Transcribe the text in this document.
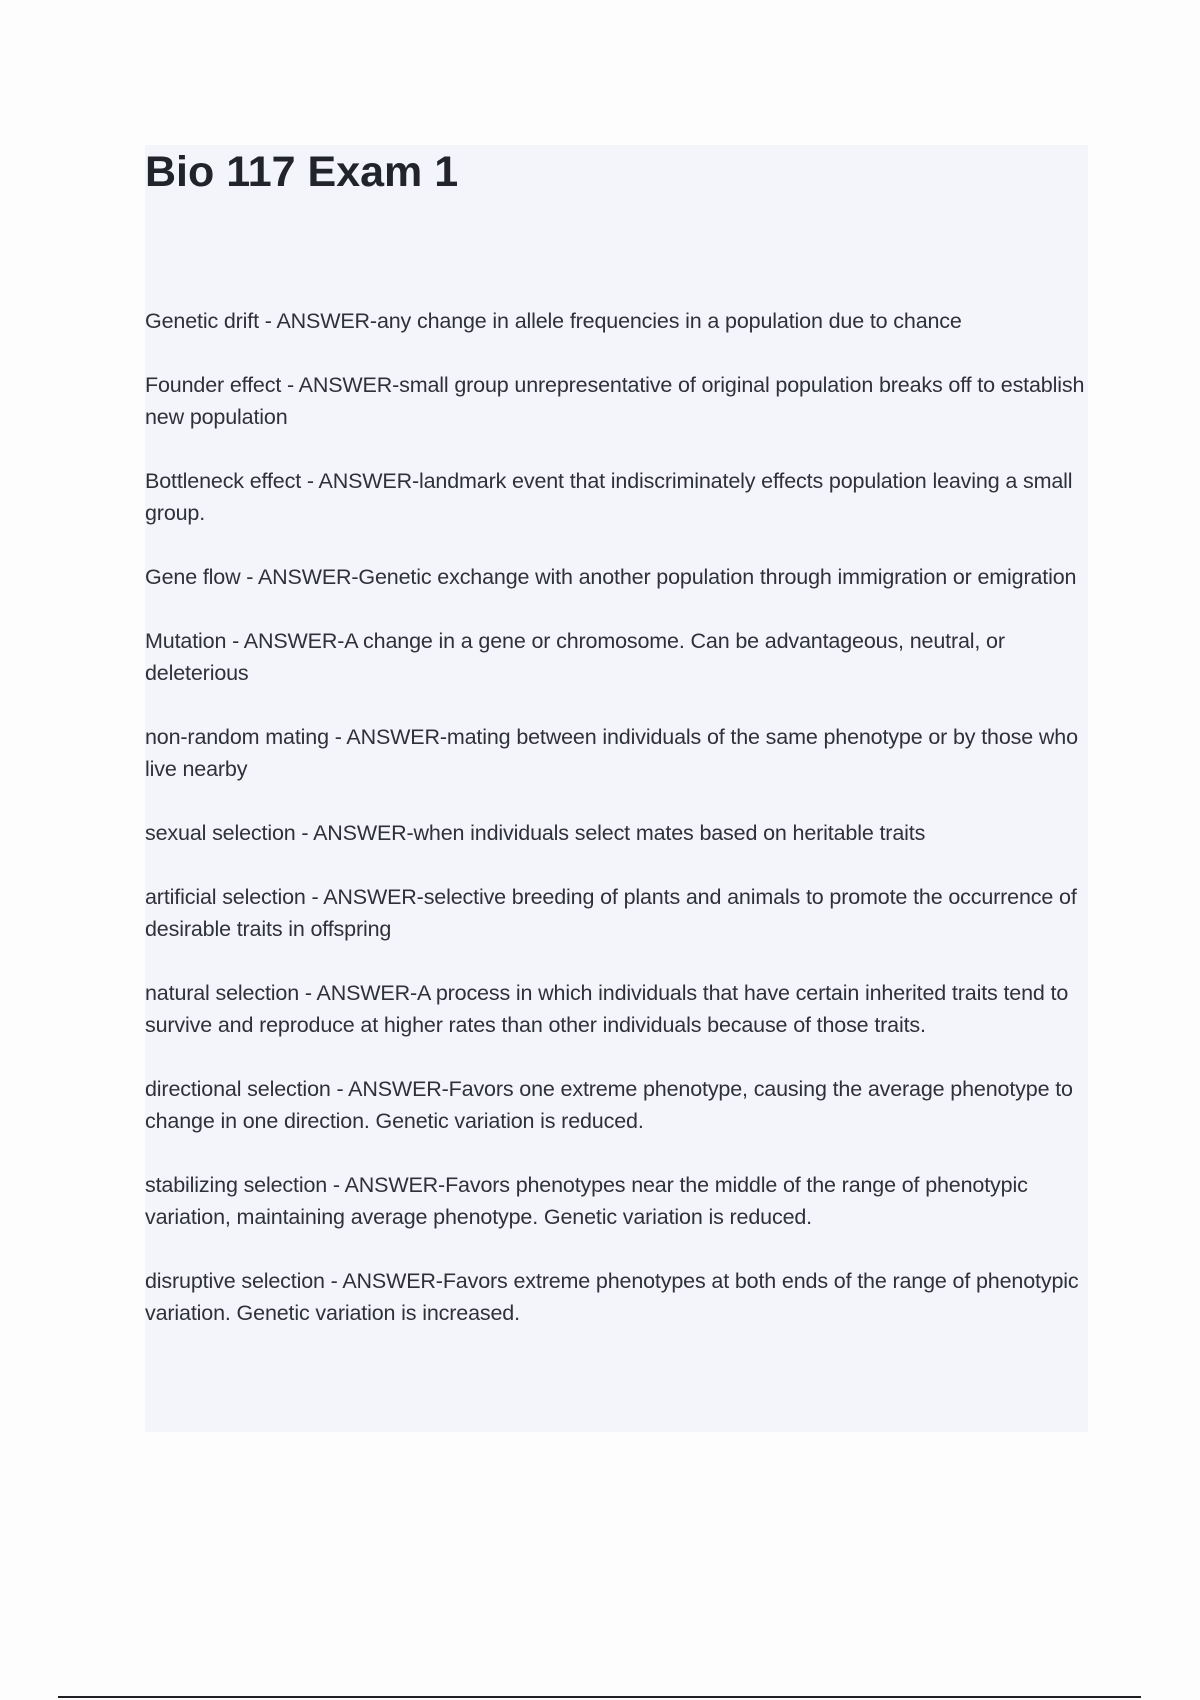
Bio 117 Exam 1
Genetic drift - ANSWER-any change in allele frequencies in a population due to chance
Founder effect - ANSWER-small group unrepresentative of original population breaks off to establish new population
Bottleneck effect - ANSWER-landmark event that indiscriminately effects population leaving a small group.
Gene flow - ANSWER-Genetic exchange with another population through immigration or emigration
Mutation - ANSWER-A change in a gene or chromosome. Can be advantageous, neutral, or deleterious
non-random mating - ANSWER-mating between individuals of the same phenotype or by those who live nearby
sexual selection - ANSWER-when individuals select mates based on heritable traits
artificial selection - ANSWER-selective breeding of plants and animals to promote the occurrence of desirable traits in offspring
natural selection - ANSWER-A process in which individuals that have certain inherited traits tend to survive and reproduce at higher rates than other individuals because of those traits.
directional selection - ANSWER-Favors one extreme phenotype, causing the average phenotype to change in one direction. Genetic variation is reduced.
stabilizing selection - ANSWER-Favors phenotypes near the middle of the range of phenotypic variation, maintaining average phenotype. Genetic variation is reduced.
disruptive selection - ANSWER-Favors extreme phenotypes at both ends of the range of phenotypic variation. Genetic variation is increased.
